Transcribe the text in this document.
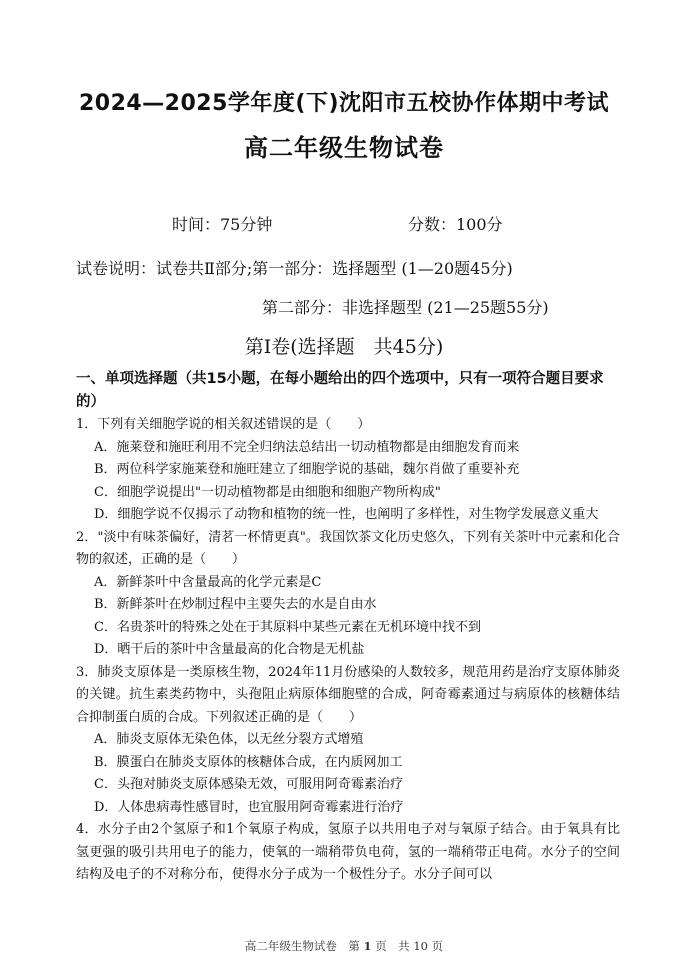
2024—2025学年度(下)沈阳市五校协作体期中考试
高二年级生物试卷
时间：75分钟	分数：100分
试卷说明：试卷共Ⅱ部分;第一部分：选择题型 (1—20题45分)
第二部分：非选择题型 (21—25题55分)
第Ⅰ卷(选择题　共45分)

一、单项选择题（共15小题，在每小题给出的四个选项中，只有一项符合题目要求的）

1．下列有关细胞学说的相关叙述错误的是（　　）

A．施莱登和施旺利用不完全归纳法总结出一切动植物都是由细胞发育而来

B．两位科学家施莱登和施旺建立了细胞学说的基础，魏尔肖做了重要补充

C．细胞学说提出"一切动植物都是由细胞和细胞产物所构成"

D．细胞学说不仅揭示了动物和植物的统一性，也阐明了多样性，对生物学发展意义重大

2．"淡中有味茶偏好，清茗一杯情更真"。我国饮茶文化历史悠久，下列有关茶叶中元素和化合物的叙述，正确的是（　　）

A．新鲜茶叶中含量最高的化学元素是C

B．新鲜茶叶在炒制过程中主要失去的水是自由水

C．名贵茶叶的特殊之处在于其原料中某些元素在无机环境中找不到

D．晒干后的茶叶中含量最高的化合物是无机盐

3．肺炎支原体是一类原核生物，2024年11月份感染的人数较多，规范用药是治疗支原体肺炎的关键。抗生素类药物中，头孢阻止病原体细胞壁的合成，阿奇霉素通过与病原体的核糖体结合抑制蛋白质的合成。下列叙述正确的是（　　）

A．肺炎支原体无染色体，以无丝分裂方式增殖

B．膜蛋白在肺炎支原体的核糖体合成，在内质网加工

C．头孢对肺炎支原体感染无效，可服用阿奇霉素治疗

D．人体患病毒性感冒时，也宜服用阿奇霉素进行治疗

4．水分子由2个氢原子和1个氧原子构成，氢原子以共用电子对与氧原子结合。由于氧具有比氢更强的吸引共用电子的能力，使氧的一端稍带负电荷，氢的一端稍带正电荷。水分子的空间结构及电子的不对称分布，使得水分子成为一个极性分子。水分子间可以

高二年级生物试卷　第 1 页　共 10 页
